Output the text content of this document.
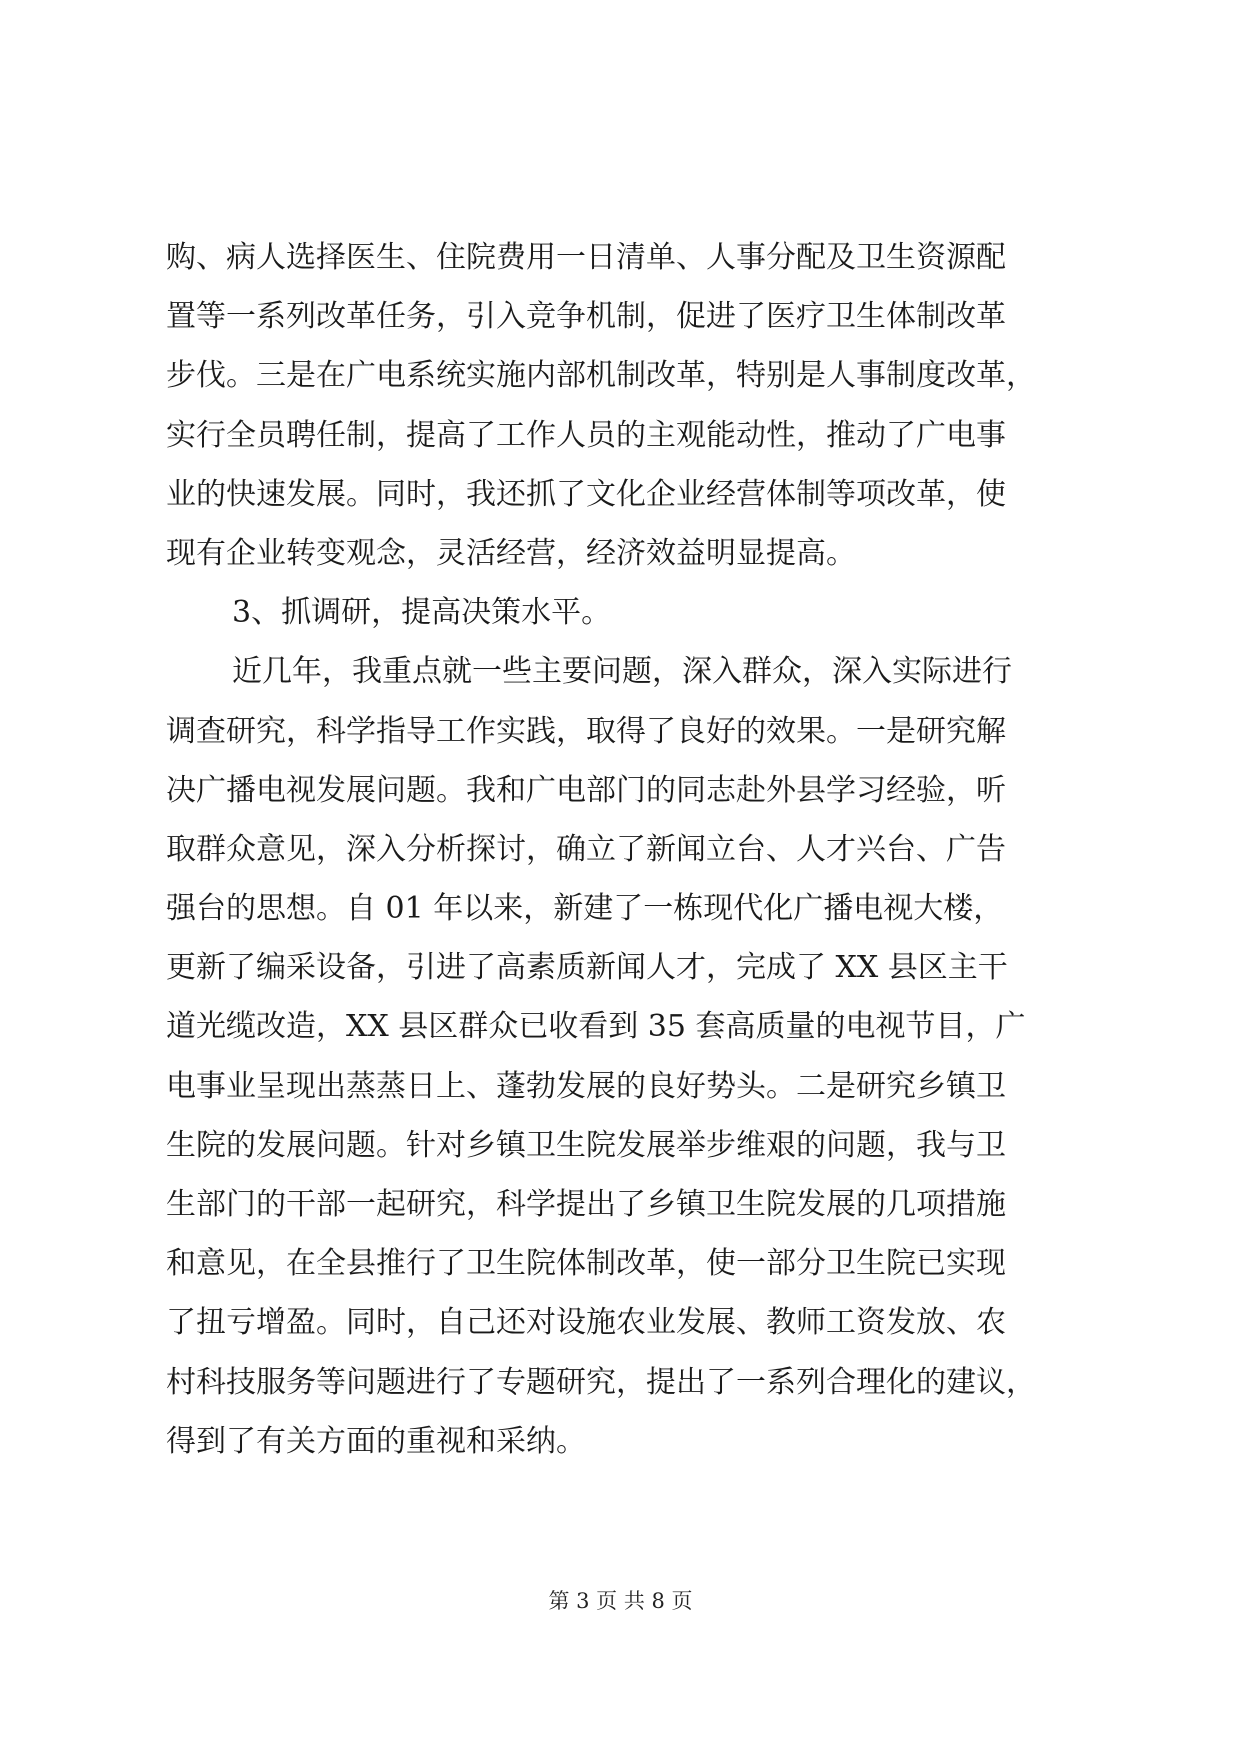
购、病人选择医生、住院费用一日清单、人事分配及卫生资源配
置等一系列改革任务，引入竞争机制，促进了医疗卫生体制改革
步伐。三是在广电系统实施内部机制改革，特别是人事制度改革，
实行全员聘任制，提高了工作人员的主观能动性，推动了广电事
业的快速发展。同时，我还抓了文化企业经营体制等项改革，使
现有企业转变观念，灵活经营，经济效益明显提高。
3、抓调研，提高决策水平。
近几年，我重点就一些主要问题，深入群众，深入实际进行
调查研究，科学指导工作实践，取得了良好的效果。一是研究解
决广播电视发展问题。我和广电部门的同志赴外县学习经验，听
取群众意见，深入分析探讨，确立了新闻立台、人才兴台、广告
强台的思想。自 01 年以来，新建了一栋现代化广播电视大楼，
更新了编采设备，引进了高素质新闻人才，完成了 XX 县区主干
道光缆改造，XX 县区群众已收看到 35 套高质量的电视节目，广
电事业呈现出蒸蒸日上、蓬勃发展的良好势头。二是研究乡镇卫
生院的发展问题。针对乡镇卫生院发展举步维艰的问题，我与卫
生部门的干部一起研究，科学提出了乡镇卫生院发展的几项措施
和意见，在全县推行了卫生院体制改革，使一部分卫生院已实现
了扭亏增盈。同时，自己还对设施农业发展、教师工资发放、农
村科技服务等问题进行了专题研究，提出了一系列合理化的建议，
得到了有关方面的重视和采纳。
第 3 页 共 8 页
